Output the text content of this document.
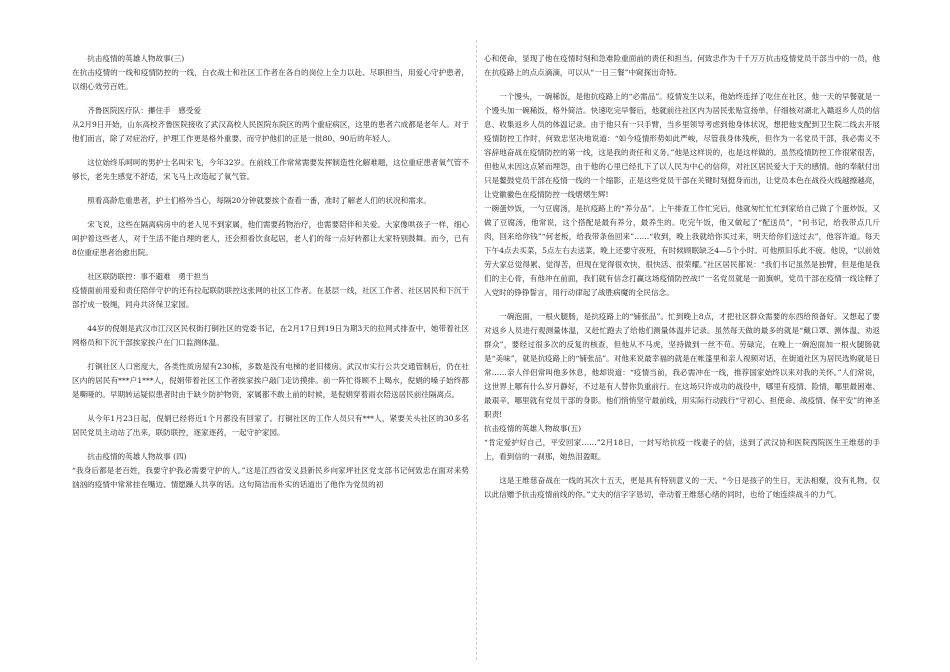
抗击疫情的英雄人物故事(三)

在抗击疫情的一线和疫情防控的一线，白衣战士和社区工作者在各自的岗位上全力以赴、尽职担当，用爱心守护患者，以细心效劳百姓。

齐鲁医院医疗队：攥住手　感受爱

从2月9日开始，山东高校齐鲁医院接收了武汉高校人民医院东院区的两个重症病区，这里的患者六成都是老年人。对于他们而言，除了对症治疗，护理工作更是格外重要，而守护他们的正是一批80、90后的年轻人。

这位始终乐呵呵的男护士名叫宋飞，今年32岁。在前线工作常常需要发挥制造性化解难题，这位重症患者氧气管不够长，老先生感觉不舒适，宋飞马上改造起了氧气管。

照看高龄危重患者，护士们格外当心，每隔20分钟就要挨个查看一番，准时了解老人们的状况和需求。

宋飞说，这些在隔离病房中的老人见不到家属，他们需要药物治疗，也需要陪伴和关爱。大家像哄孩子一样，细心呵护着这些老人，对于生活不能自理的老人，还会照看饮食起居，老人们的每一点好转都让大家特别鼓舞。而今，已有8位重症患者治愈出院。

社区联防联控：事不避难　勇于担当

疫情面前用爱和责任陪伴守护的还有拉起联防联控这张网的社区工作者。在基层一线，社区工作者、社区居民和下沉干部拧成一股绳，同舟共济保卫家园。

44岁的倪娟是武汉市江汉区民权街打铜社区的党委书记，在2月17日到19日为期3天的拉网式排查中，她带着社区网格员和下沉干部挨家挨户在门口监测体温。

打铜社区人口密度大，各类性质房屋有230栋，多数是没有电梯的老旧楼房。武汉市实行公共交通管制后，仍在社区内的居民有***户1***人，倪娟带着社区工作者挨家挨户敲门走访摸排。前一阵忙得顾不上喝水，倪娟的嗓子始终都是嘶哑的。早期转运疑似患者时由于缺少防护物资，家属都不敢上前的时候，是倪娟穿着雨衣陪送居民前往隔离点。

从今年1月23日起，倪娟已经将近1个月都没有回家了。打铜社区的工作人员只有***人，紧要关头社区的30多名居民党员主动站了出来，联防联控，逐家逐药，一起守护家园。

抗击疫情的英雄人物故事 (四)

“我身后都是老百姓，我要守护我必需要守护的人。”这是江西省安义县新民乡向家坪社区党支部书记何致忠在面对来势汹汹的疫情中常常挂在嘴边、情愿躁人共享的话。这句简洁而朴实的话道出了他作为党员的初

心和使命，显现了他在疫情时刻和急难险重面前的责任和担当。何致忠作为千千万万抗击疫情党员干部当中的一员，他在抗疫路上的点点滴滴，可以从“一日三餐”中窥探出奇特。

一个馒头，一碗稀饭，是他抗疫路上的“必需品”。疫情发生以来，他始终连择了吃住在社区，他一天的早餐就是一个馒头加一碗稀饭，格外简洁。快速吃完早餐后，他就前往社区内为居民张贴宣扬单，仔细核对湖北入赣返乡人员的信息、收集返乡人员的体温记录。由于他只有一只手臂，当乡里领导考虑到他身体状况，想把他支配到卫生院二线去开展疫情防控工作时，何致忠坚决地说道：“如今疫情形势如此严峻，尽管我身体残疾，但作为一名党员干部，我必需义不容辞地奋战在疫情防控的第一线，这是我的责任和义务。”他是这样说的，也是这样做的。虽然疫情防控工作很紧很苦，但他从未因这点紧而埋怨，由于他的心里已经扎下了以人民为中心的信仰，对社区居民爱大于天的感情。他的奉献付出只是鳌鼓党员干部在疫情一线的一个缩影，正是这些党员干部在关键时刻挺身而出，让党员本色在战役火线越擦越亮，让党徽徽色在疫情防控一线熠熠生辉!

一碗蛋炒饭，一勺豆腐汤，是抗疫路上的“养分品”。上午排查工作忙完后，他就匆忙忙忙到家给自己做了个蛋炒饭，又做了豆腐汤，他常说，这个搭配是最有养分，最养生的。吃完午饭，他又做起了“配送员”，“何书记，给我带点几斤肉，回来给你钱”“何老板，给我带条鱼回来”……“收到，晚上我就给你买过来，明天给你们送过去”，他容许道。每天下午4点去买菜，5点左右去送菜，晚上还要守夜班，有时候顾眠缺乏4—5个小时。可他照旧乐此不疲。他说，“以前效劳大家总觉得累、觉得苦，但现在觉得很欢快，很快活、很荣耀。”社区居民都说：“我们书记虽然是独臂，但是他是我们的主心骨，有他冲在前面，我们就有信念打赢这场疫情防控战!”一名党员就是一面旗帜，党员干部在疫情一线诠释了入党时的铮铮誓言，用行动律起了战胜病魔的全民信念。

一碗泡面，一根火腿肠，是抗疫路上的“铺张品”。忙到晚上8点，才把社区群众需要的东西给预备好。又想起了要对返乡人员进行观测量体温，又赶忙跑去了给他们测量体温并记录。虽然每天做的最多的就是“戴口罩、测体温、劝返群众”，要经过很多次的反复的核查，但他从不马虎，坚持做到一丝不苟。劳碌完，在晚上一碗泡面加一根火腿肠就是“美味”，就是抗疫路上的“铺张品”。对他来说最幸福的就是在帐篷里和亲人视频对话，在街道社区为居民选购就是日常……亲人伴侣常叫他多休息，他却说道：“疫情当前，我必需冲在一线，推荐国家始终以来对我的关怀。”人们常说，这世界上哪有什么岁月静好，不过是有人替你负重前行。在这场只许成功的战役中，哪里有疫情、险情，哪里最困难、最艰辛，哪里就有党员干部的身影。他们悄悄坚守最前线，用实际行动践行“守初心、担使命、战疫情、保平安”的神圣职责!

抗击疫情的英雄人物故事(五)

“肯定爱护好自己，平安回家……”2月18日，一封写给抗疫一线妻子的信，送到了武汉协和医院西院医生王维慈的手上，看到信的一刹那，她热泪盈眶。

这是王维慈奋战在一线的其次十五天，更是具有特别意义的一天。“今日是孩子的生日，无法相聚，没有礼物，仅以此信赠予抗击疫情前线的你。”丈夫的信字字恳切，牵动着王维慈心绪的同时，也给了她连续战斗的力气。
